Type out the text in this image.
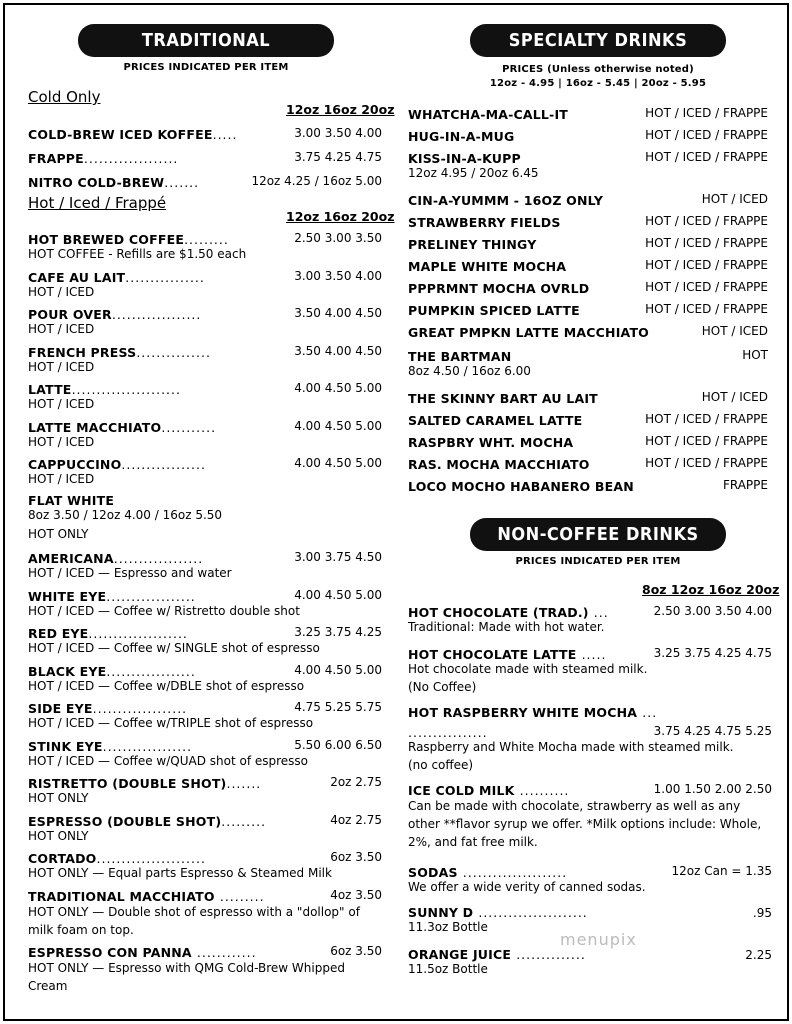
TRADITIONAL
PRICES INDICATED PER ITEM
Cold Only
12oz 16oz 20oz
COLD-BREW ICED KOFFEE.....	3.00 3.50 4.00
FRAPPE...................	3.75 4.25 4.75
NITRO COLD-BREW.......	12oz 4.25 / 16oz 5.00
Hot / Iced / Frappé
12oz 16oz 20oz
HOT BREWED COFFEE.........	2.50 3.00 3.50
HOT COFFEE - Refills are $1.50 each
CAFE AU LAIT................	3.00 3.50 4.00
HOT / ICED
POUR OVER..................	3.50 4.00 4.50
HOT / ICED
FRENCH PRESS...............	3.50 4.00 4.50
HOT / ICED
LATTE......................	4.00 4.50 5.00
HOT / ICED
LATTE MACCHIATO...........	4.00 4.50 5.00
HOT / ICED
CAPPUCCINO.................	4.00 4.50 5.00
HOT / ICED
FLAT WHITE
8oz 3.50 / 12oz 4.00 / 16oz 5.50
HOT ONLY
AMERICANA..................	3.00 3.75 4.50
HOT / ICED — Espresso and water
WHITE EYE..................	4.00 4.50 5.00
HOT / ICED — Coffee w/ Ristretto double shot
RED EYE....................	3.25 3.75 4.25
HOT / ICED — Coffee w/ SINGLE shot of espresso
BLACK EYE..................	4.00 4.50 5.00
HOT / ICED — Coffee w/DBLE shot of espresso
SIDE EYE...................	4.75 5.25 5.75
HOT / ICED — Coffee w/TRIPLE shot of espresso
STINK EYE..................	5.50 6.00 6.50
HOT / ICED — Coffee w/QUAD shot of espresso
RISTRETTO (DOUBLE SHOT).......	2oz 2.75
HOT ONLY
ESPRESSO (DOUBLE SHOT).........	4oz 2.75
HOT ONLY
CORTADO......................	6oz 3.50
HOT ONLY — Equal parts Espresso & Steamed Milk
TRADITIONAL MACCHIATO .........	4oz 3.50
HOT ONLY — Double shot of espresso with a "dollop" of milk foam on top.
ESPRESSO CON PANNA ............	6oz 3.50
HOT ONLY — Espresso with QMG Cold-Brew Whipped Cream
SPECIALTY DRINKS
PRICES (Unless otherwise noted)
12oz - 4.95 | 16oz - 5.45 | 20oz - 5.95
WHATCHA-MA-CALL-IT	HOT / ICED / FRAPPE
HUG-IN-A-MUG	HOT / ICED / FRAPPE
KISS-IN-A-KUPP	HOT / ICED / FRAPPE
12oz 4.95 / 20oz 6.45
CIN-A-YUMMM - 16OZ ONLY	HOT / ICED
STRAWBERRY FIELDS	HOT / ICED / FRAPPE
PRELINEY THINGY	HOT / ICED / FRAPPE
MAPLE WHITE MOCHA	HOT / ICED / FRAPPE
PPPRMNT MOCHA OVRLD	HOT / ICED / FRAPPE
PUMPKIN SPICED LATTE	HOT / ICED / FRAPPE
GREAT PMPKN LATTE MACCHIATO	HOT / ICED
THE BARTMAN	HOT
8oz 4.50 / 16oz 6.00
THE SKINNY BART AU LAIT	HOT / ICED
SALTED CARAMEL LATTE	HOT / ICED / FRAPPE
RASPBRY WHT. MOCHA	HOT / ICED / FRAPPE
RAS. MOCHA MACCHIATO	HOT / ICED / FRAPPE
LOCO MOCHO HABANERO BEAN	FRAPPE
NON-COFFEE DRINKS
PRICES INDICATED PER ITEM
8oz 12oz 16oz 20oz
HOT CHOCOLATE (TRAD.) ...	2.50 3.00 3.50 4.00
Traditional: Made with hot water.
HOT CHOCOLATE LATTE .....	3.25 3.75 4.25 4.75
Hot chocolate made with steamed milk.
(No Coffee)
HOT RASPBERRY WHITE MOCHA ...
................	3.75 4.25 4.75 5.25
Raspberry and White Mocha made with steamed milk.
(no coffee)
ICE COLD MILK ..........	1.00 1.50 2.00 2.50
Can be made with chocolate, strawberry as well as any other **flavor syrup we offer. *Milk options include: Whole, 2%, and fat free milk.
SODAS .....................	12oz Can = 1.35
We offer a wide verity of canned sodas.
SUNNY D ......................	.95
11.3oz Bottle
menupix
ORANGE JUICE ..............	2.25
11.5oz Bottle
